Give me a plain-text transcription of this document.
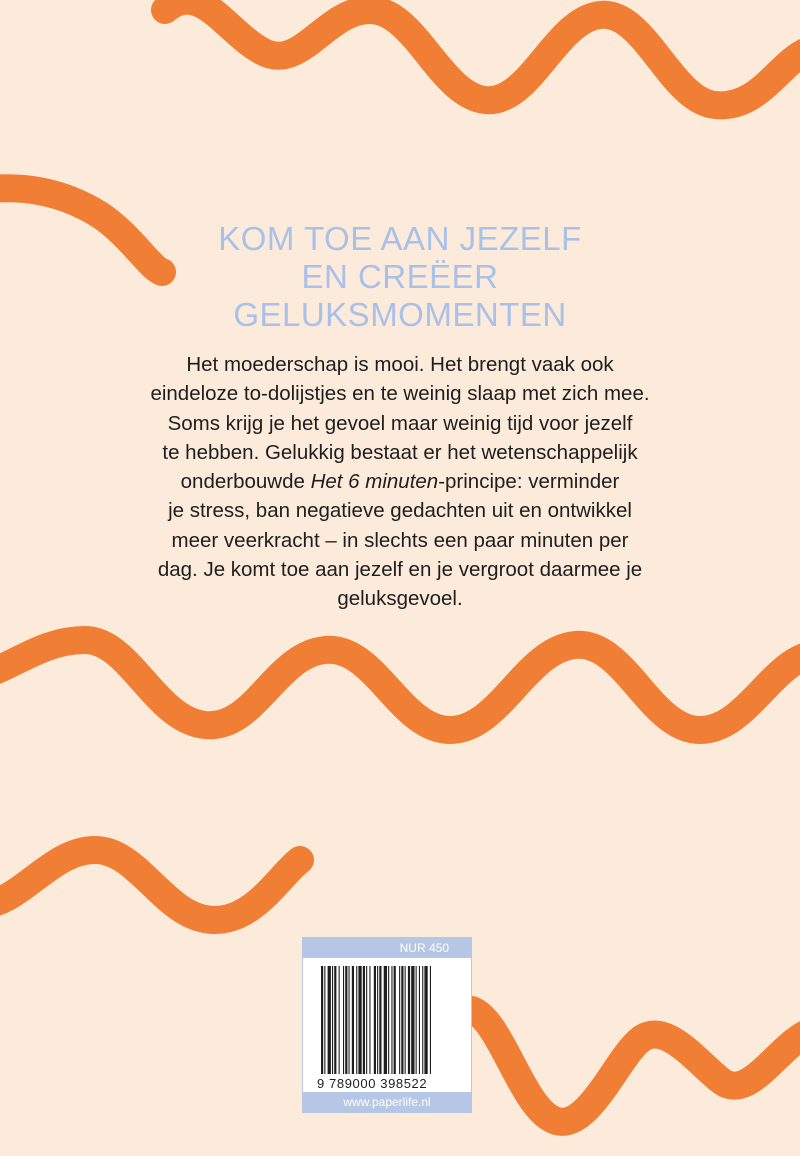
KOM TOE AAN JEZELF
EN CREËER
GELUKSMOMENTEN
Het moederschap is mooi. Het brengt vaak ook
eindeloze to-dolijstjes en te weinig slaap met zich mee.
Soms krijg je het gevoel maar weinig tijd voor jezelf
te hebben. Gelukkig bestaat er het wetenschappelijk
onderbouwde Het 6 minuten-principe: verminder
je stress, ban negatieve gedachten uit en ontwikkel
meer veerkracht – in slechts een paar minuten per
dag. Je komt toe aan jezelf en je vergroot daarmee je
geluksgevoel.
NUR 450
9 789000 398522
www.paperlife.nl
